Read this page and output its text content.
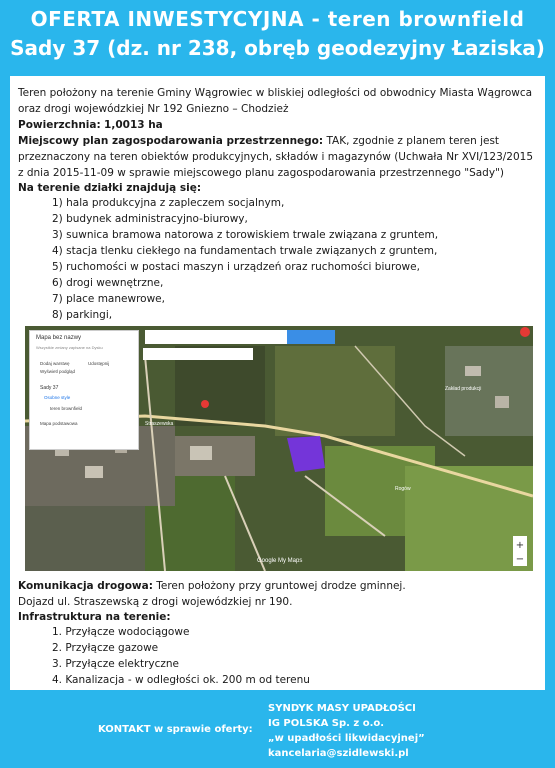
OFERTA INWESTYCYJNA - teren brownfield
Sady 37 (dz. nr 238, obręb geodezyjny Łaziska)
Teren położony na terenie Gminy Wągrowiec w bliskiej odległości od obwodnicy Miasta Wągrowca
oraz drogi wojewódzkiej Nr 192 Gniezno – Chodzież
Powierzchnia: 1,0013 ha
Miejscowy plan zagospodarowania przestrzennego: TAK, zgodnie z planem teren jest
przeznaczony na teren obiektów produkcyjnych, składów i magazynów (Uchwała Nr XVI/123/2015
z dnia 2015-11-09 w sprawie miejscowego planu zagospodarowania przestrzennego "Sady")
Na terenie działki znajdują się:
1) hala produkcyjna z zapleczem socjalnym,
2) budynek administracyjno-biurowy,
3) suwnica bramowa natorowa z torowiskiem trwale związana z gruntem,
4) stacja tlenku ciekłego na fundamentach trwale związanych z gruntem,
5) ruchomości w postaci maszyn i urządzeń oraz ruchomości biurowe,
6) drogi wewnętrzne,
7) place manewrowe,
8) parkingi,
+
−
Mapa bez nazwy
Wszystkie zmiany zapisane na Dysku
Dodaj warstwę	Udostępnij
Wyświetl podgląd
Sady 37
Osobne style
teren brownfield
Mapa podstawowa
Google My Maps
Straszewska
Rogów
Zakład produkcji
Komunikacja drogowa: Teren położony przy gruntowej drodze gminnej.
Dojazd ul. Straszewską z drogi wojewódzkiej nr 190.
Infrastruktura na terenie:
1. Przyłącze wodociągowe
2. Przyłącze gazowe
3. Przyłącze elektryczne
4. Kanalizacja - w odległości ok. 200 m od terenu
KONTAKT w sprawie oferty:
SYNDYK MASY UPADŁOŚCI
IG POLSKA Sp. z o.o.
„w upadłości likwidacyjnej”
kancelaria@szidlewski.pl
